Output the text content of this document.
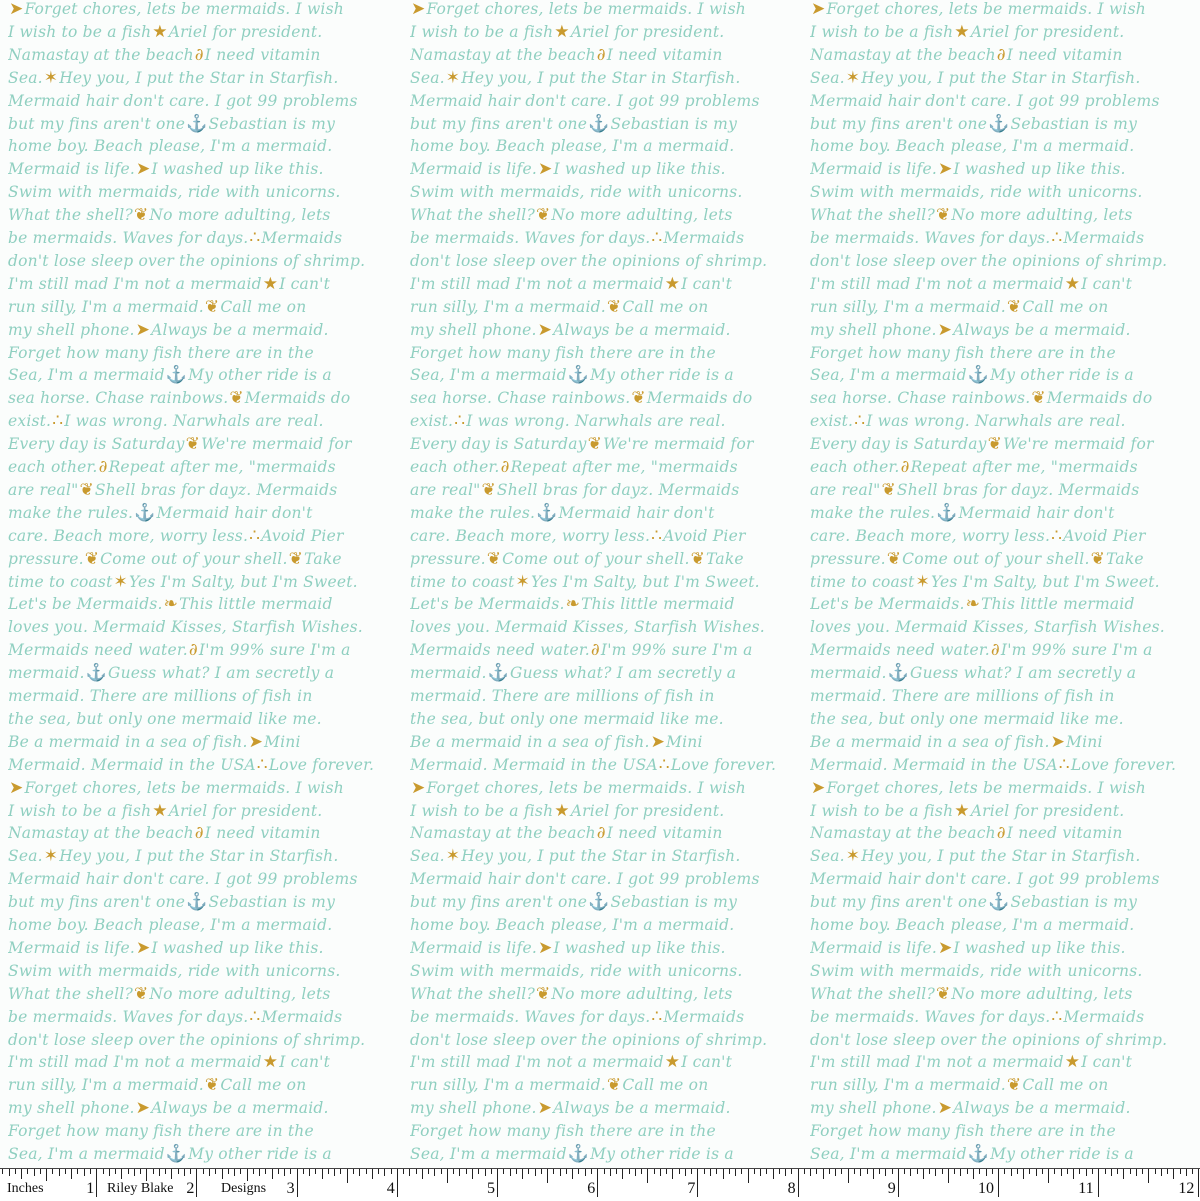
➤Forget chores, lets be mermaids. I wish
I wish to be a fish★Ariel for president.
Namastay at the beach∂I need vitamin
Sea.✶Hey you, I put the Star in Starfish.
Mermaid hair don't care. I got 99 problems
but my fins aren't one⚓Sebastian is my
home boy. Beach please, I'm a mermaid.
Mermaid is life.➤I washed up like this.
Swim with mermaids, ride with unicorns.
What the shell?❦No more adulting, lets
be mermaids. Waves for days.∴Mermaids
don't lose sleep over the opinions of shrimp.
I'm still mad I'm not a mermaid★I can't
run silly, I'm a mermaid.❦Call me on
my shell phone.➤Always be a mermaid.
Forget how many fish there are in the
Sea, I'm a mermaid⚓My other ride is a
sea horse. Chase rainbows.❦Mermaids do
exist.∴I was wrong. Narwhals are real.
Every day is Saturday❦We're mermaid for
each other.∂Repeat after me, "mermaids
are real"❦Shell bras for dayz. Mermaids
make the rules.⚓Mermaid hair don't
care. Beach more, worry less.∴Avoid Pier
pressure.❦Come out of your shell.❦Take
time to coast✶Yes I'm Salty, but I'm Sweet.
Let's be Mermaids.❧This little mermaid
loves you. Mermaid Kisses, Starfish Wishes.
Mermaids need water.∂I'm 99% sure I'm a
mermaid.⚓Guess what? I am secretly a
mermaid. There are millions of fish in
the sea, but only one mermaid like me.
Be a mermaid in a sea of fish.➤Mini
Mermaid. Mermaid in the USA∴Love forever.
➤Forget chores, lets be mermaids. I wish
I wish to be a fish★Ariel for president.
Namastay at the beach∂I need vitamin
Sea.✶Hey you, I put the Star in Starfish.
Mermaid hair don't care. I got 99 problems
but my fins aren't one⚓Sebastian is my
home boy. Beach please, I'm a mermaid.
Mermaid is life.➤I washed up like this.
Swim with mermaids, ride with unicorns.
What the shell?❦No more adulting, lets
be mermaids. Waves for days.∴Mermaids
don't lose sleep over the opinions of shrimp.
I'm still mad I'm not a mermaid★I can't
run silly, I'm a mermaid.❦Call me on
my shell phone.➤Always be a mermaid.
Forget how many fish there are in the
Sea, I'm a mermaid⚓My other ride is a
➤Forget chores, lets be mermaids. I wish
I wish to be a fish★Ariel for president.
Namastay at the beach∂I need vitamin
Sea.✶Hey you, I put the Star in Starfish.
Mermaid hair don't care. I got 99 problems
but my fins aren't one⚓Sebastian is my
home boy. Beach please, I'm a mermaid.
Mermaid is life.➤I washed up like this.
Swim with mermaids, ride with unicorns.
What the shell?❦No more adulting, lets
be mermaids. Waves for days.∴Mermaids
don't lose sleep over the opinions of shrimp.
I'm still mad I'm not a mermaid★I can't
run silly, I'm a mermaid.❦Call me on
my shell phone.➤Always be a mermaid.
Forget how many fish there are in the
Sea, I'm a mermaid⚓My other ride is a
sea horse. Chase rainbows.❦Mermaids do
exist.∴I was wrong. Narwhals are real.
Every day is Saturday❦We're mermaid for
each other.∂Repeat after me, "mermaids
are real"❦Shell bras for dayz. Mermaids
make the rules.⚓Mermaid hair don't
care. Beach more, worry less.∴Avoid Pier
pressure.❦Come out of your shell.❦Take
time to coast✶Yes I'm Salty, but I'm Sweet.
Let's be Mermaids.❧This little mermaid
loves you. Mermaid Kisses, Starfish Wishes.
Mermaids need water.∂I'm 99% sure I'm a
mermaid.⚓Guess what? I am secretly a
mermaid. There are millions of fish in
the sea, but only one mermaid like me.
Be a mermaid in a sea of fish.➤Mini
Mermaid. Mermaid in the USA∴Love forever.
➤Forget chores, lets be mermaids. I wish
I wish to be a fish★Ariel for president.
Namastay at the beach∂I need vitamin
Sea.✶Hey you, I put the Star in Starfish.
Mermaid hair don't care. I got 99 problems
but my fins aren't one⚓Sebastian is my
home boy. Beach please, I'm a mermaid.
Mermaid is life.➤I washed up like this.
Swim with mermaids, ride with unicorns.
What the shell?❦No more adulting, lets
be mermaids. Waves for days.∴Mermaids
don't lose sleep over the opinions of shrimp.
I'm still mad I'm not a mermaid★I can't
run silly, I'm a mermaid.❦Call me on
my shell phone.➤Always be a mermaid.
Forget how many fish there are in the
Sea, I'm a mermaid⚓My other ride is a
➤Forget chores, lets be mermaids. I wish
I wish to be a fish★Ariel for president.
Namastay at the beach∂I need vitamin
Sea.✶Hey you, I put the Star in Starfish.
Mermaid hair don't care. I got 99 problems
but my fins aren't one⚓Sebastian is my
home boy. Beach please, I'm a mermaid.
Mermaid is life.➤I washed up like this.
Swim with mermaids, ride with unicorns.
What the shell?❦No more adulting, lets
be mermaids. Waves for days.∴Mermaids
don't lose sleep over the opinions of shrimp.
I'm still mad I'm not a mermaid★I can't
run silly, I'm a mermaid.❦Call me on
my shell phone.➤Always be a mermaid.
Forget how many fish there are in the
Sea, I'm a mermaid⚓My other ride is a
sea horse. Chase rainbows.❦Mermaids do
exist.∴I was wrong. Narwhals are real.
Every day is Saturday❦We're mermaid for
each other.∂Repeat after me, "mermaids
are real"❦Shell bras for dayz. Mermaids
make the rules.⚓Mermaid hair don't
care. Beach more, worry less.∴Avoid Pier
pressure.❦Come out of your shell.❦Take
time to coast✶Yes I'm Salty, but I'm Sweet.
Let's be Mermaids.❧This little mermaid
loves you. Mermaid Kisses, Starfish Wishes.
Mermaids need water.∂I'm 99% sure I'm a
mermaid.⚓Guess what? I am secretly a
mermaid. There are millions of fish in
the sea, but only one mermaid like me.
Be a mermaid in a sea of fish.➤Mini
Mermaid. Mermaid in the USA∴Love forever.
➤Forget chores, lets be mermaids. I wish
I wish to be a fish★Ariel for president.
Namastay at the beach∂I need vitamin
Sea.✶Hey you, I put the Star in Starfish.
Mermaid hair don't care. I got 99 problems
but my fins aren't one⚓Sebastian is my
home boy. Beach please, I'm a mermaid.
Mermaid is life.➤I washed up like this.
Swim with mermaids, ride with unicorns.
What the shell?❦No more adulting, lets
be mermaids. Waves for days.∴Mermaids
don't lose sleep over the opinions of shrimp.
I'm still mad I'm not a mermaid★I can't
run silly, I'm a mermaid.❦Call me on
my shell phone.➤Always be a mermaid.
Forget how many fish there are in the
Sea, I'm a mermaid⚓My other ride is a
Inches	Riley Blake	Designs
1	2	3	4	5	6	7	8	9	10	11	12
